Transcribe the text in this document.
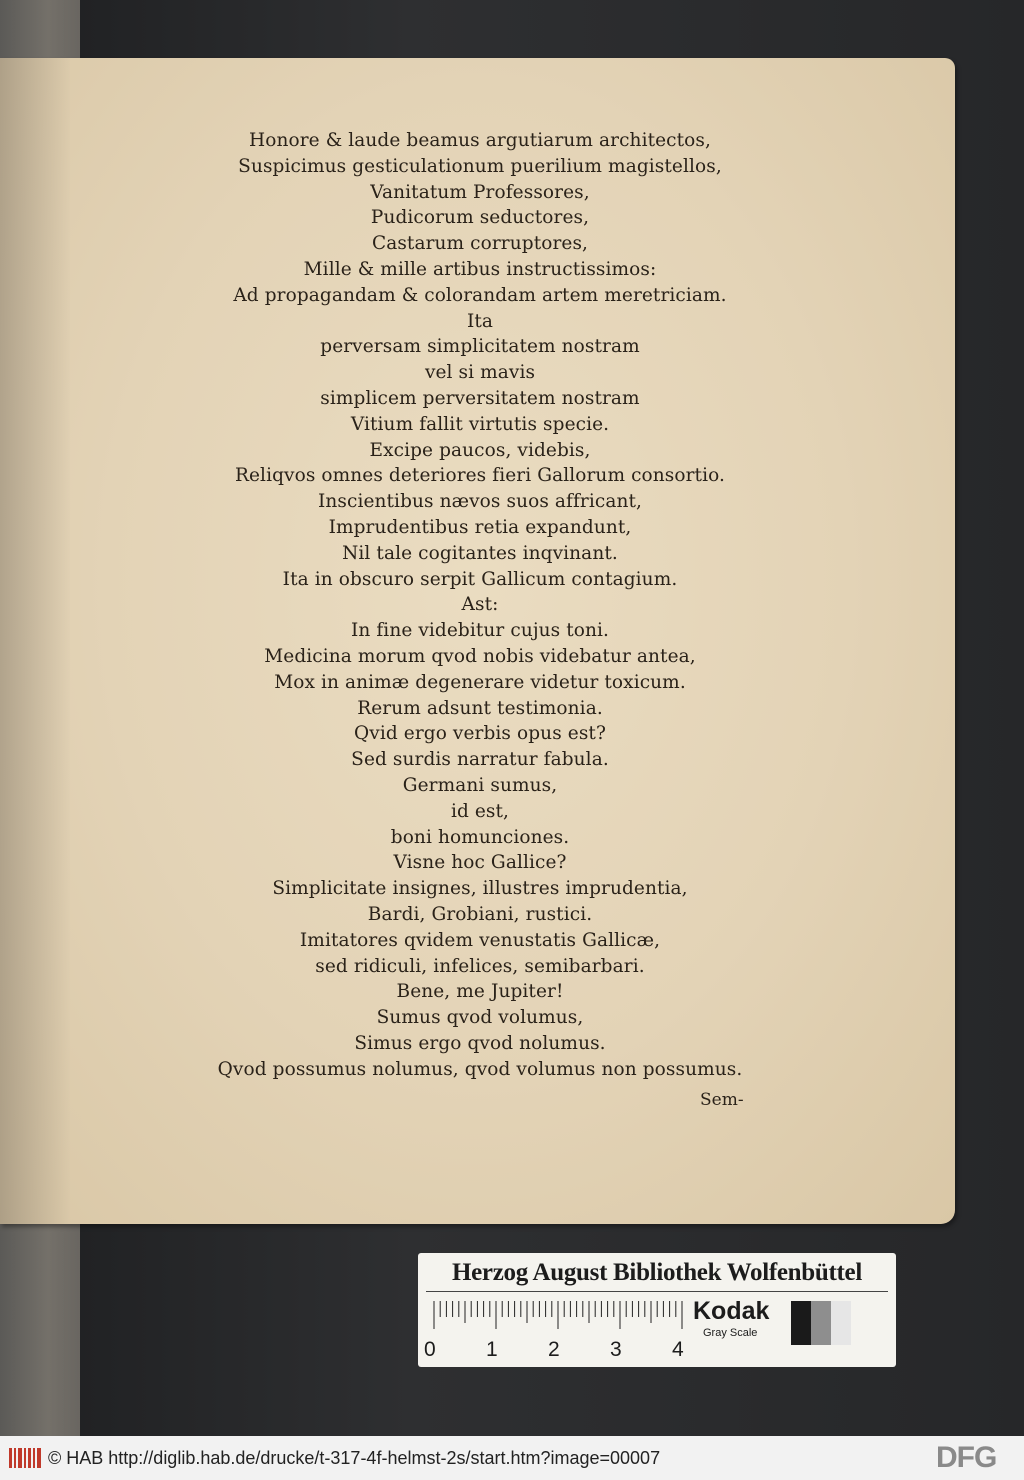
Honore & laude beamus argutiarum architectos,
Suspicimus gesticulationum puerilium magistellos,
Vanitatum Professores,
Pudicorum seductores,
Castarum corruptores,
Mille & mille artibus instructissimos:
Ad propagandam & colorandam artem meretriciam.
Ita
perversam simplicitatem nostram
vel si mavis
simplicem perversitatem nostram
Vitium fallit virtutis specie.
Excipe paucos, videbis,
Reliqvos omnes deteriores fieri Gallorum consortio.
Inscientibus nævos suos affricant,
Imprudentibus retia expandunt,
Nil tale cogitantes inqvinant.
Ita in obscuro serpit Gallicum contagium.
Ast:
In fine videbitur cujus toni.
Medicina morum qvod nobis videbatur antea,
Mox in animæ degenerare videtur toxicum.
Rerum adsunt testimonia.
Qvid ergo verbis opus est?
Sed surdis narratur fabula.
Germani sumus,
id est,
boni homunciones.
Visne hoc Gallice?
Simplicitate insignes, illustres imprudentia,
Bardi, Grobiani, rustici.
Imitatores qvidem venustatis Gallicæ,
sed ridiculi, infelices, semibarbari.
Bene, me Jupiter!
Sumus qvod volumus,
Simus ergo qvod nolumus.
Qvod possumus nolumus, qvod volumus non possumus.
Sem-
Herzog August Bibliothek Wolfenbüttel
0 1 2 3 4
Kodak
Gray Scale
© HAB http://diglib.hab.de/drucke/t-317-4f-helmst-2s/start.htm?image=00007	DFG
